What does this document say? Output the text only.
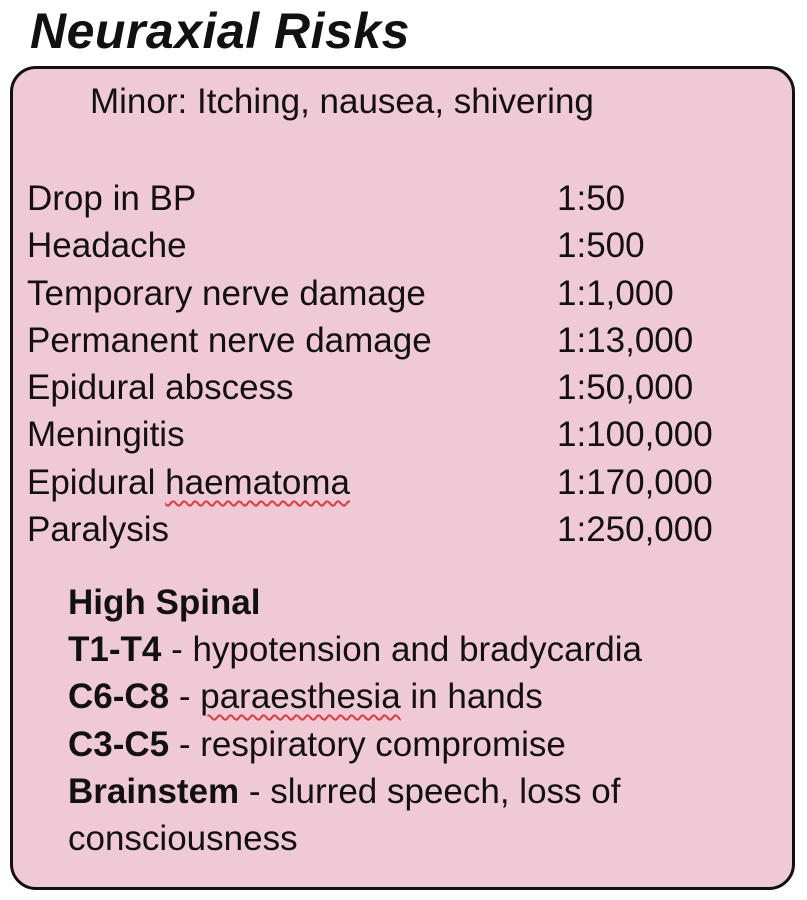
Neuraxial Risks
Minor: Itching, nausea, shivering
Drop in BP	1:50
Headache	1:500
Temporary nerve damage	1:1,000
Permanent nerve damage	1:13,000
Epidural abscess	1:50,000
Meningitis	1:100,000
Epidural haematoma	1:170,000
Paralysis	1:250,000
High Spinal
T1-T4 - hypotension and bradycardia
C6-C8 - paraesthesia in hands
C3-C5 - respiratory compromise
Brainstem - slurred speech, loss of
consciousness
